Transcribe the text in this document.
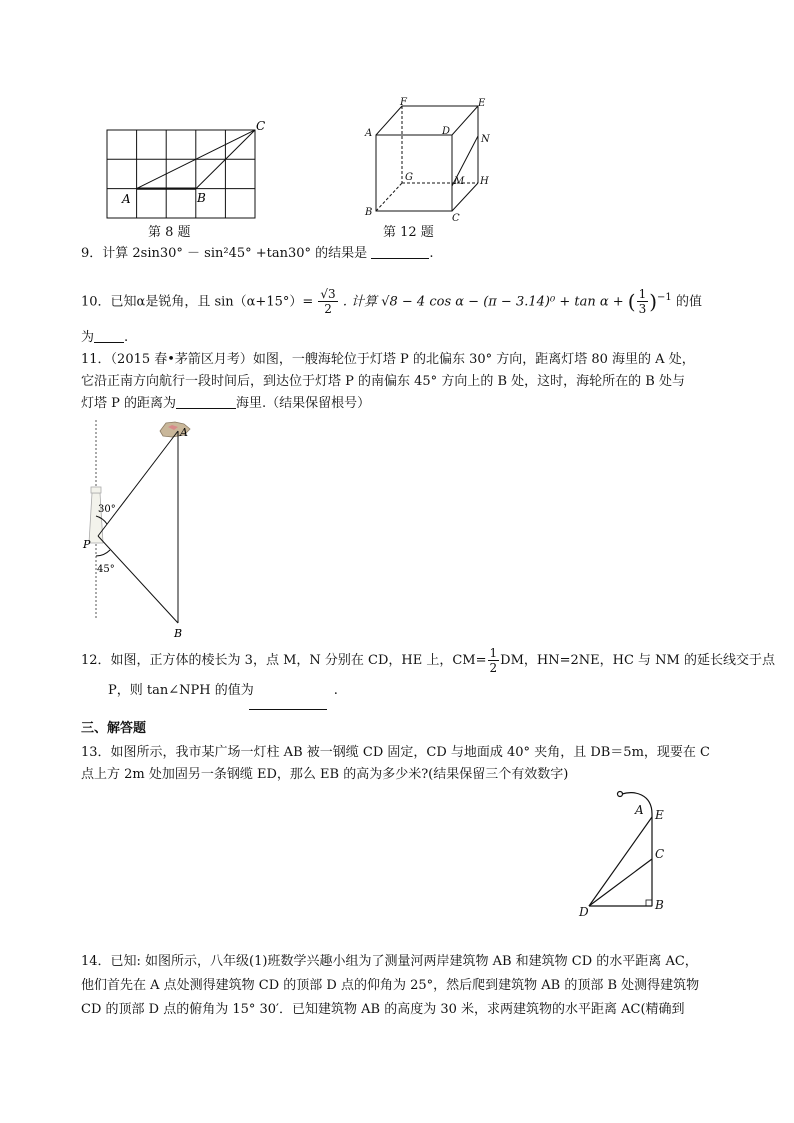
A	B
C
第 8 题
F	E
A	D
N
G	M H
B
C
第 12 题
9．计算 2sin30° － sin²45° +tan30° 的结果是	.
10．已知α是锐角，且 $\sin(\alpha+15^\circ)= \frac{√3}{2}$ . 计算 √8 − 4 cos α − (π − 3.14)⁰ + tan α + ( $\frac{1}{3} )^{-1}$ 的值
为 .
11．（2015 春•茅箭区月考）如图，一艘海轮位于灯塔 P 的北偏东 30° 方向，距离灯塔 80 海里的 A 处，
它沿正南方向航行一段时间后，到达位于灯塔 P 的南偏东 45° 方向上的 B 处，这时，海轮所在的 B 处与
灯塔 P 的距离为	海里.（结果保留根号）
A
P
B
30°
45°
12．如图，正方体的棱长为 3，点 M，N 分别在 CD，HE 上，$CM= \frac{1}{2}$ DM，HN=2NE，HC 与 NM 的延长线交于点
P，则 tan∠NPH 的值为	.
三、解答题
13．如图所示，我市某广场一灯柱 AB 被一钢缆 CD 固定，CD 与地面成 40° 夹角，且 DB＝5m，现要在 C
点上方 2m 处加固另一条钢缆 ED，那么 EB 的高为多少米?(结果保留三个有效数字)
A E
C
D	B
14．已知: 如图所示，八年级(1)班数学兴趣小组为了测量河两岸建筑物 AB 和建筑物 CD 的水平距离 AC，
他们首先在 A 点处测得建筑物 CD 的顶部 D 点的仰角为 25°，然后爬到建筑物 AB 的顶部 B 处测得建筑物
CD 的顶部 D 点的俯角为 15° 30′．已知建筑物 AB 的高度为 30 米，求两建筑物的水平距离 AC(精确到
